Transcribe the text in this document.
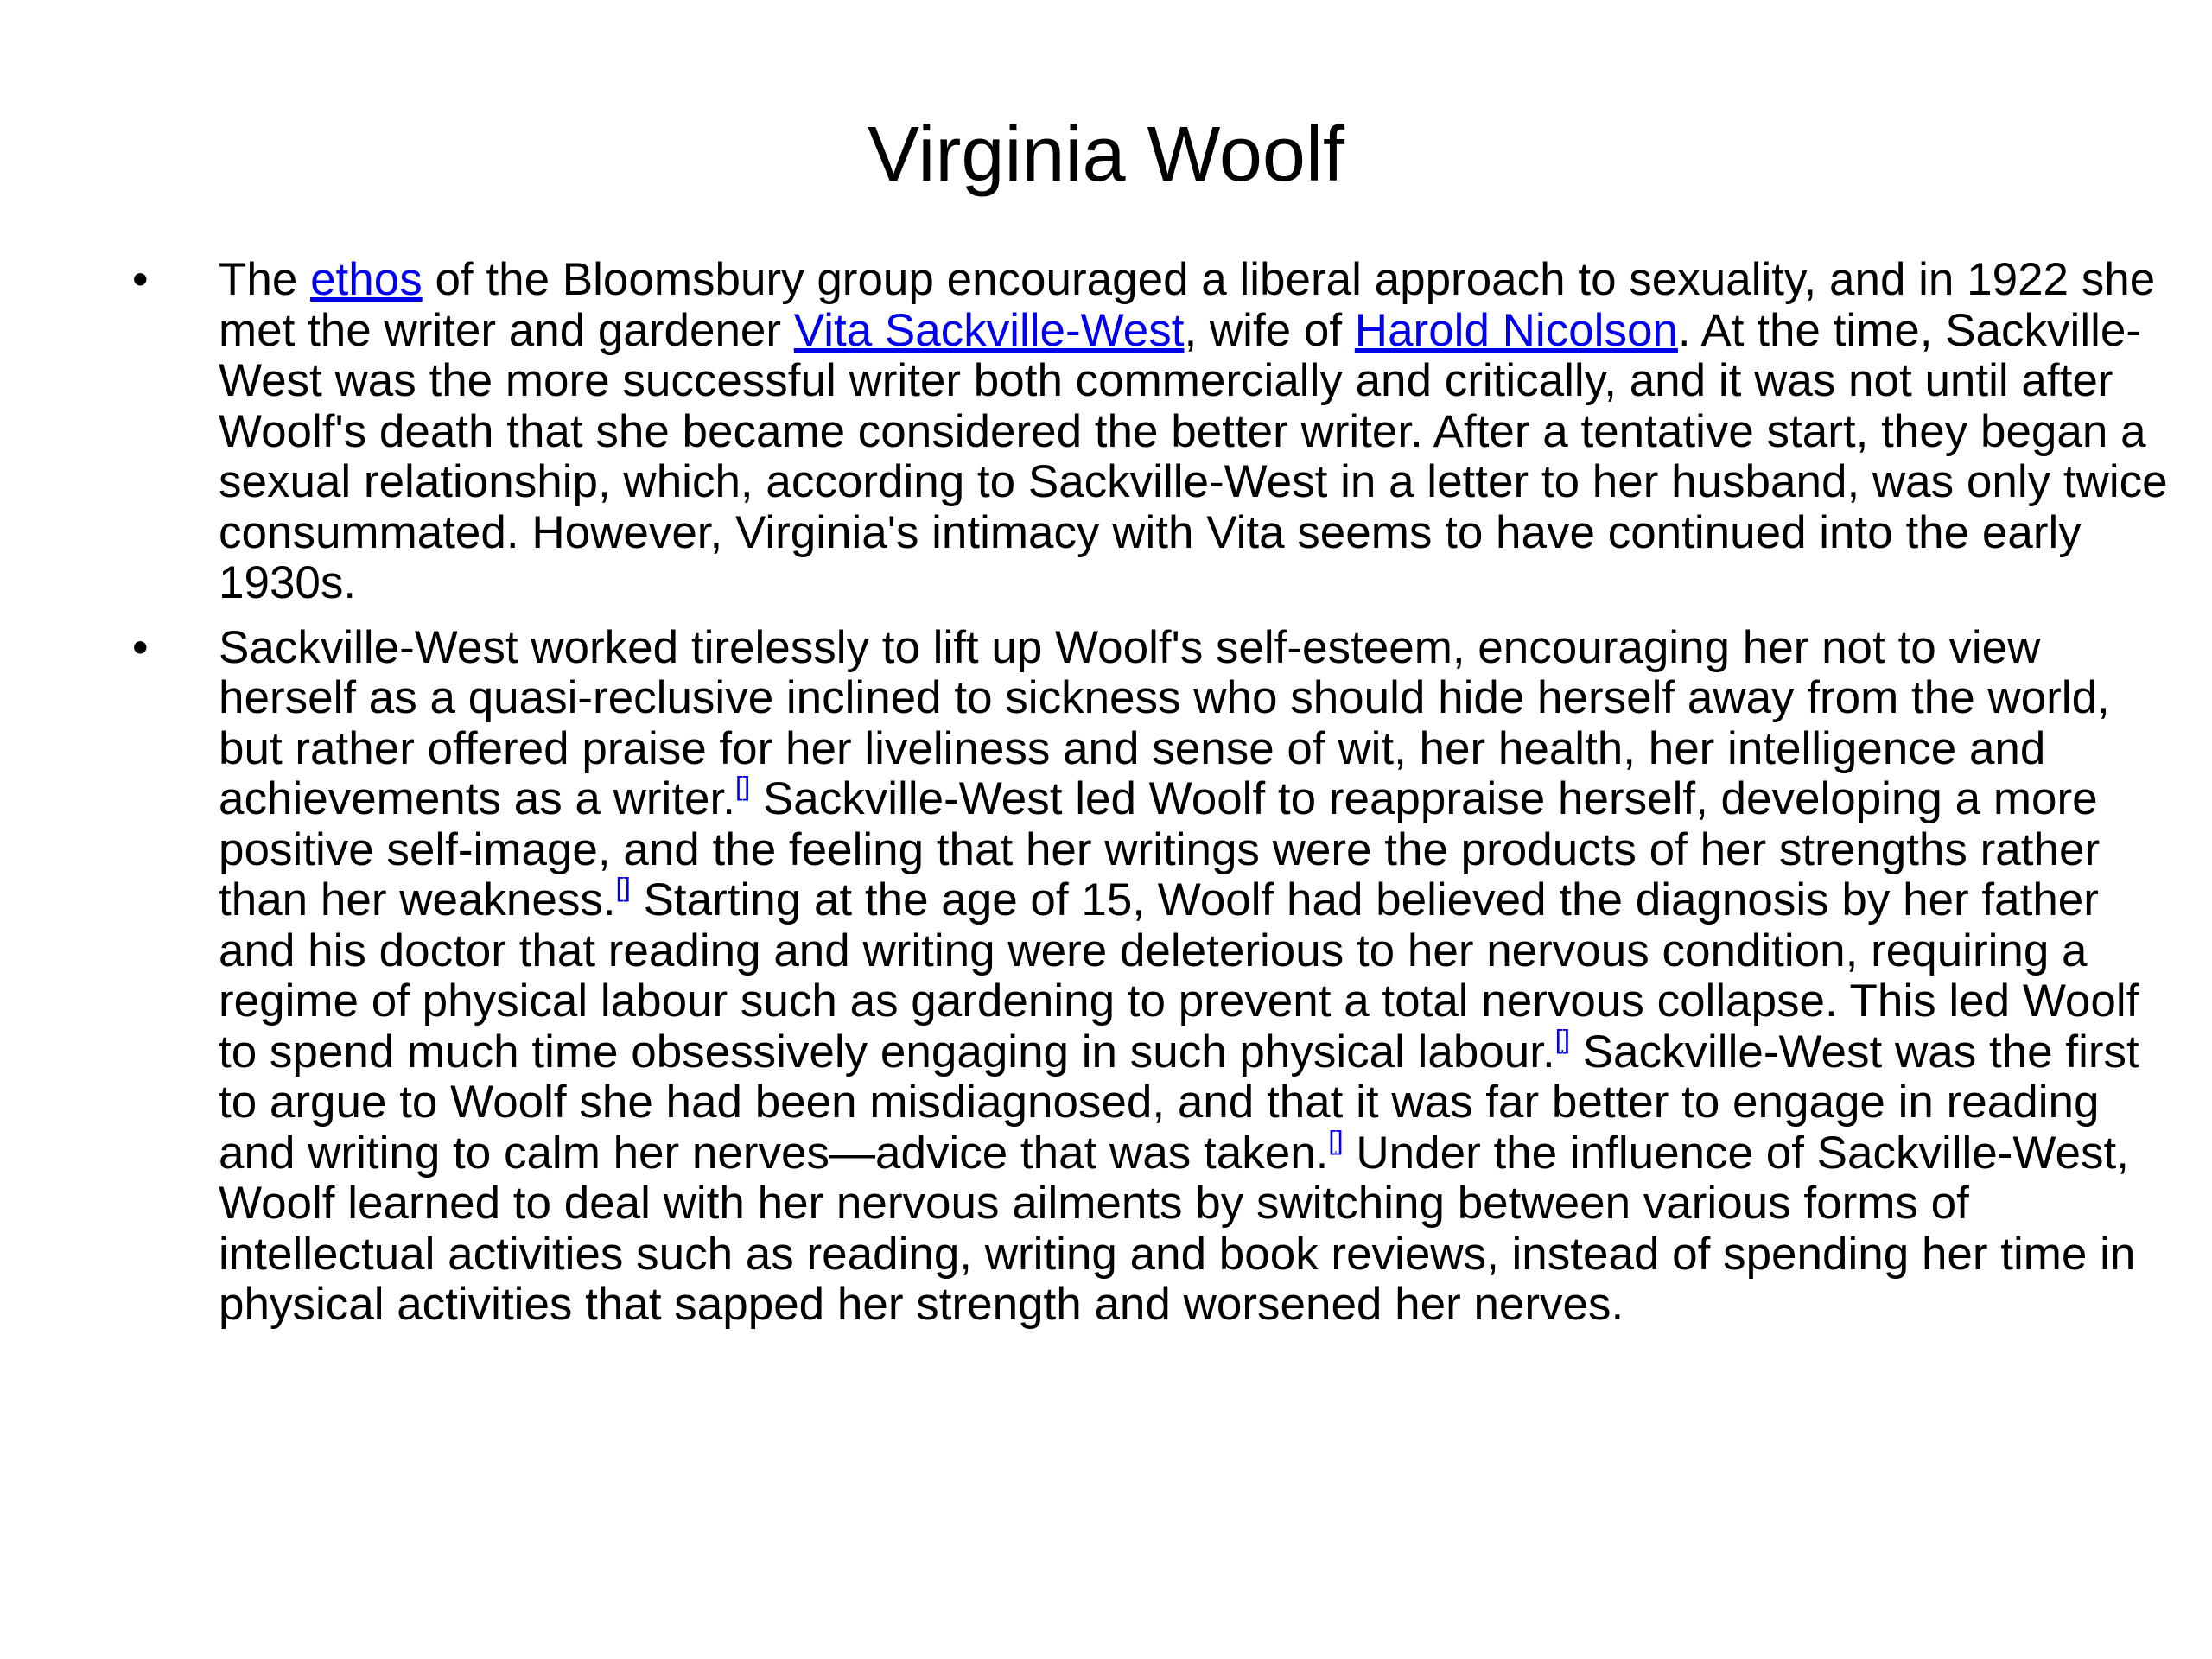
Virginia Woolf
• The ethos of the Bloomsbury group encouraged a liberal approach to sexuality, and in 1922 she met the writer and gardener Vita Sackville-West, wife of Harold Nicolson. At the time, Sackville-West was the more successful writer both commercially and critically, and it was not until after Woolf's death that she became considered the better writer. After a tentative start, they began a sexual relationship, which, according to Sackville-West in a letter to her husband, was only twice consummated. However, Virginia's intimacy with Vita seems to have continued into the early 1930s.
• Sackville-West worked tirelessly to lift up Woolf's self-esteem, encouraging her not to view herself as a quasi-reclusive inclined to sickness who should hide herself away from the world, but rather offered praise for her liveliness and sense of wit, her health, her intelligence and achievements as a writer.[] Sackville-West led Woolf to reappraise herself, developing a more positive self-image, and the feeling that her writings were the products of her strengths rather than her weakness.[] Starting at the age of 15, Woolf had believed the diagnosis by her father and his doctor that reading and writing were deleterious to her nervous condition, requiring a regime of physical labour such as gardening to prevent a total nervous collapse. This led Woolf to spend much time obsessively engaging in such physical labour.[] Sackville-West was the first to argue to Woolf she had been misdiagnosed, and that it was far better to engage in reading and writing to calm her nerves—advice that was taken.[] Under the influence of Sackville-West, Woolf learned to deal with her nervous ailments by switching between various forms of intellectual activities such as reading, writing and book reviews, instead of spending her time in physical activities that sapped her strength and worsened her nerves.
